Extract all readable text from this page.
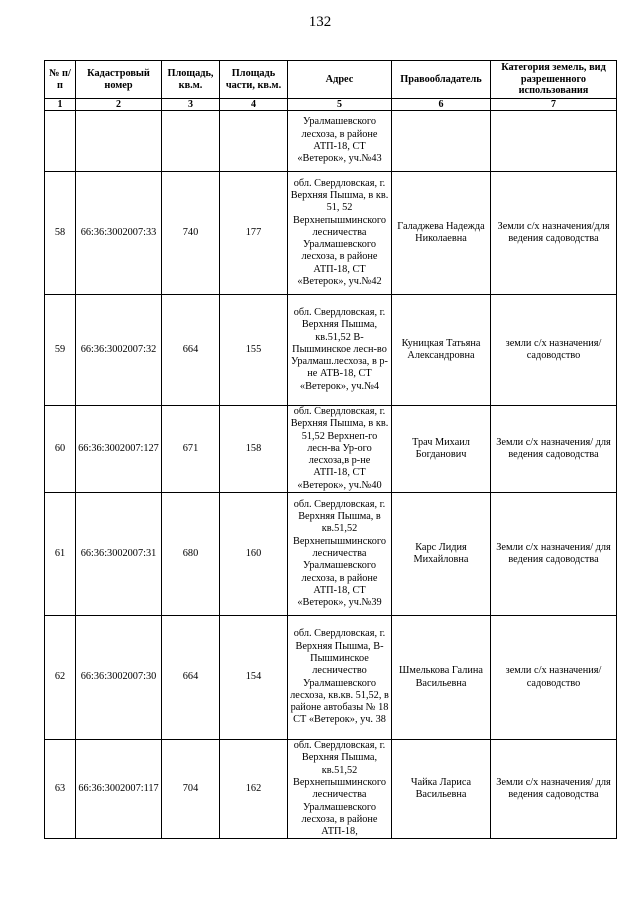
132
№ п/п	Кадастровый номер	Площадь, кв.м.	Площадь части, кв.м.	Адрес	Правообладатель	Категория земель, вид разрешенного использования
1	2	3	4	5	6	7
				Уралмашевского лесхоза, в районе АТП-18, СТ «Ветерок», уч.№43		
58	66:36:3002007:33	740	177	обл. Свердловская, г. Верхняя Пышма, в кв. 51, 52 Верхнепышминского лесничества Уралмашевского лесхоза, в районе АТП-18, СТ «Ветерок», уч.№42	Галаджева Надежда Николаевна	Земли с/х назначения/для ведения садоводства
59	66:36:3002007:32	664	155	обл. Свердловская, г. Верхняя Пышма, кв.51,52 В-Пышминское лесн-во Уралмаш.лесхоза, в р-не АТВ-18, СТ «Ветерок», уч.№4	Куницкая Татьяна Александровна	земли с/х назначения/ садоводство
60	66:36:3002007:127	671	158	обл. Свердловская, г. Верхняя Пышма, в кв. 51,52 Верхнеп-го лесн-ва Ур-ого лесхоза,в р-не АТП-18, СТ «Ветерок», уч.№40	Трач Михаил Богданович	Земли с/х назначения/ для ведения садоводства
61	66:36:3002007:31	680	160	обл. Свердловская, г. Верхняя Пышма, в кв.51,52 Верхнепышминского лесничества Уралмашевского лесхоза, в районе АТП-18, СТ «Ветерок», уч.№39	Карс Лидия Михайловна	Земли с/х назначения/ для ведения садоводства
62	66:36:3002007:30	664	154	обл. Свердловская, г. Верхняя Пышма, В-Пышминское лесничество Уралмашевского лесхоза, кв.кв. 51,52, в районе автобазы № 18 СТ «Ветерок», уч. 38	Шмелькова Галина Васильевна	земли с/х назначения/ садоводство
63	66:36:3002007:117	704	162	обл. Свердловская, г. Верхняя Пышма, кв.51,52 Верхнепышминского лесничества Уралмашевского лесхоза, в районе АТП-18,	Чайка Лариса Васильевна	Земли с/х назначения/ для ведения садоводства
